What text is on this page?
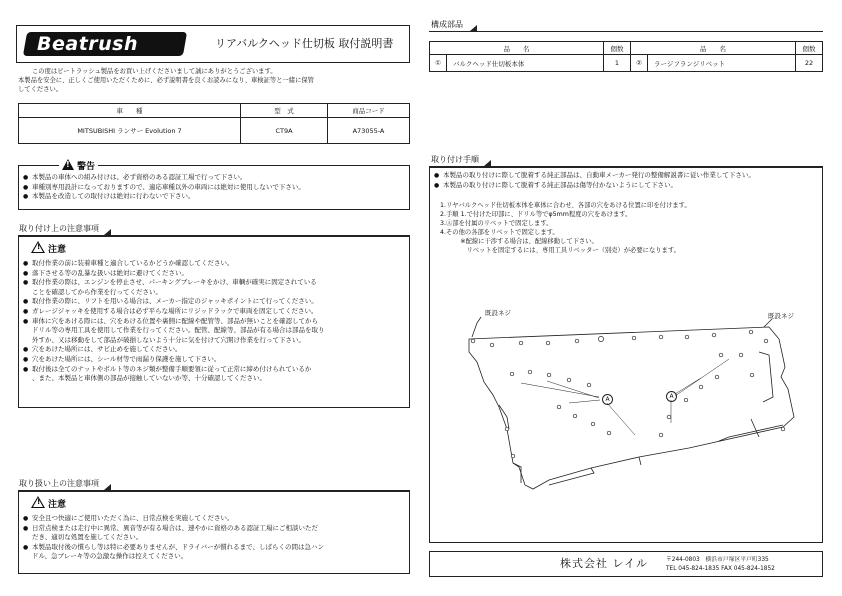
Beatrush	リアバルクヘッド仕切板 取付説明書
この度はビートラッシュ製品をお買い上げくださいまして誠にありがとうございます。
本製品を安全に、正しくご使用いただくために、必ず説明書を良くお読みになり、車検証等と一緒に保管
してください。
車　　種	型　式	商品コード
MITSUBISHI ランサー Evolution 7	CT9A	A73055-A
! 警告
● 本製品の車体への組み付けは、必ず資格のある認証工場で行って下さい。
● 車種別専用設計になっておりますので、適応車種以外の車両には絶対に使用しないで下さい。
● 本製品を改造しての取付けは絶対に行わないで下さい。
取り付け上の注意事項
! 注意
● 取付作業の前に装着車種と適合しているかどうか確認してください。
● 落下させる等の乱暴な扱いは絶対に避けてください。
● 取付作業の際は、エンジンを停止させ、パーキングブレーキをかけ、車輌が確実に固定されている
ことを確認してから作業を行ってください。
● 取付作業の際に、リフトを用いる場合は、メーカー指定のジャッキポイントにて行ってください。
● ガレージジャッキを使用する場合は必ず平らな場所にリジッドラックで車両を固定してください。
● 車体に穴をあける際には、穴をあける位置や裏側に配線や配管等、部品が無いことを確認してから
ドリル等の専用工具を使用して作業を行ってください。配管、配線等、部品が有る場合は部品を取り
外すか、又は移動をして部品が破損しないよう十分に気を付けて穴開け作業を行って下さい。
● 穴をあけた場所には、サビ止めを施してください。
● 穴をあけた場所には、シール材等で雨漏り保護を施して下さい。
● 取付後は全てのナットやボルト等のネジ類が整備手順要領に従って正常に締め付けられているか
、また、本製品と車体側の部品が接触していないか等、十分確認してください。
取り扱い上の注意事項
! 注意
● 安全且つ快適にご使用いただく為に、日常点検を実施してください。
● 日常点検または走行中に異常、異音等が有る場合は、速やかに資格のある認証工場にご相談いただ
だき、適切な処置を施してください。
● 本製品取付後の慣らし等は特に必要ありませんが、ドライバーが慣れるまで、しばらくの間は急ハン
ドル、急ブレーキ等の急激な操作は控えてください。
構成部品
品　　名		個数	品　　名		個数
①	バルクヘッド仕切板本体	1	②	ラージフランジリベット	22
取り付け手順
● 本製品の取り付けに際して脱着する純正部品は、自動車メーカー発行の整備解説書に従い作業して下さい。
● 本製品の取り付けに際して脱着する純正部品は傷等付かないようにして下さい。
1.リヤバルクヘッド仕切板本体を車体に合わせ、各部の穴をあける位置に印を付けます。
2.手順 1.で付けた印部に、ドリル等でφ5mm程度の穴をあけます。
3.Ⓐ部を付属のリベットで固定します。
4.その他の各部をリベットで固定します。
　※配線に干渉する場合は、配線移動して下さい。
　　リベットを固定するには、専用工具リベッター（別売）が必要になります。
既設ネジ	既設ネジ
A	A
株式会社 レイル	〒244-0803　横浜市戸塚区平戸町335
TEL 045-824-1835 FAX 045-824-1852
